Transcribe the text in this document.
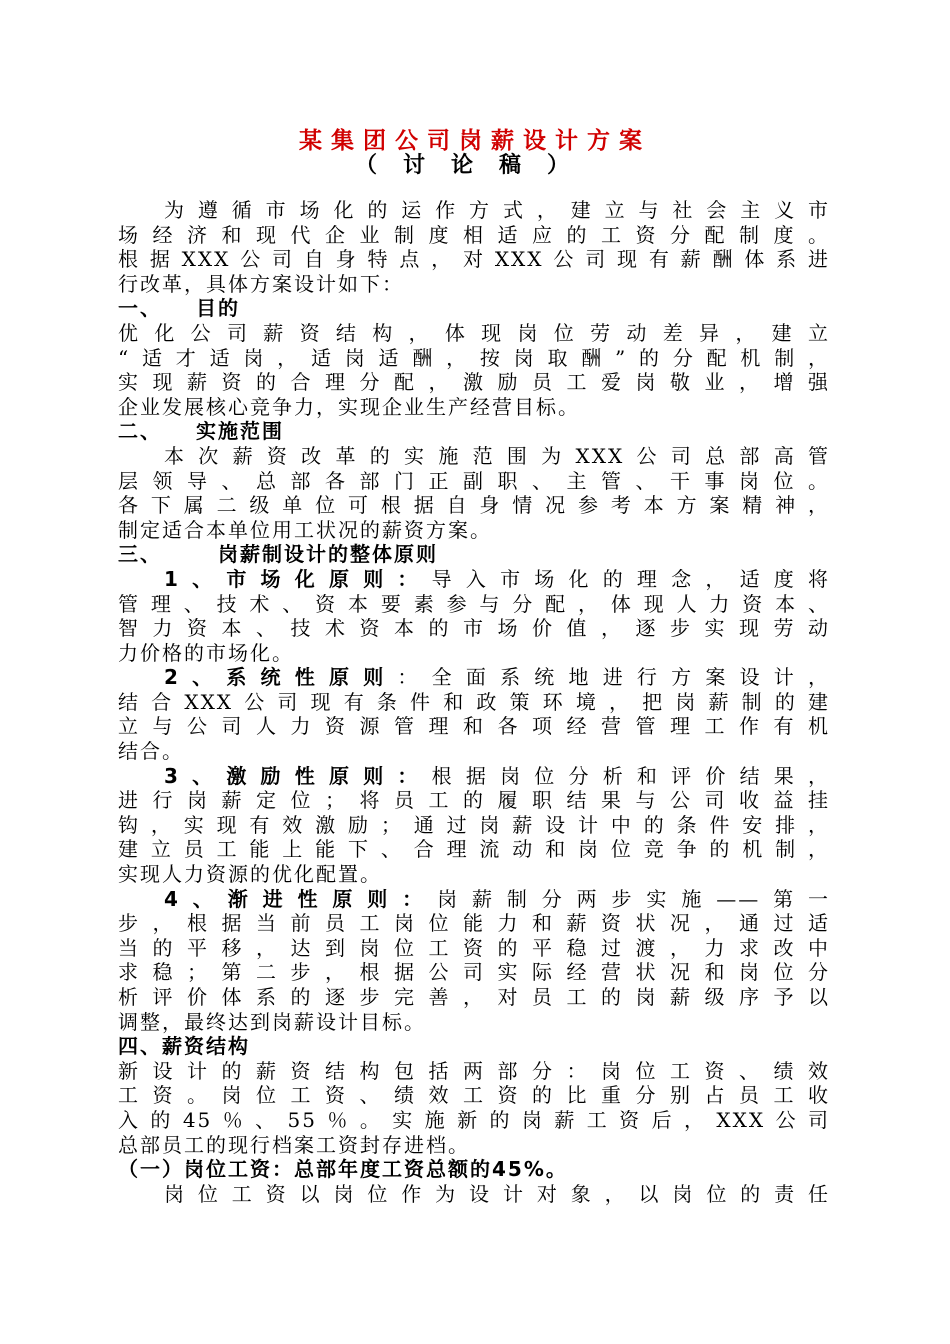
某集团公司岗薪设计方案
（讨论稿）
为遵循市场化的运作方式，建立与社会主义市
场经济和现代企业制度相适应的工资分配制度。
根据XXX公司自身特点，对XXX公司现有薪酬体系进
行改革，具体方案设计如下：
一、　　目的
优化公司薪资结构，体现岗位劳动差异，建立
“适才适岗，适岗适酬，按岗取酬”的分配机制，
实现薪资的合理分配，激励员工爱岗敬业，增强
企业发展核心竞争力，实现企业生产经营目标。
二、　　实施范围
本次薪资改革的实施范围为XXX公司总部高管
层领导、总部各部门正副职、主管、干事岗位。
各下属二级单位可根据自身情况参考本方案精神，
制定适合本单位用工状况的薪资方案。
三、　　　岗薪制设计的整体原则
1、市场化原则：导入市场化的理念，适度将
管理、技术、资本要素参与分配，体现人力资本、
智力资本、技术资本的市场价值，逐步实现劳动
力价格的市场化。
2、系统性原则：全面系统地进行方案设计，
结合XXX公司现有条件和政策环境，把岗薪制的建
立与公司人力资源管理和各项经营管理工作有机
结合。
3、激励性原则：根据岗位分析和评价结果，
进行岗薪定位；将员工的履职结果与公司收益挂
钩，实现有效激励；通过岗薪设计中的条件安排，
建立员工能上能下、合理流动和岗位竞争的机制，
实现人力资源的优化配置。
4、渐进性原则：岗薪制分两步实施——第一
步，根据当前员工岗位能力和薪资状况，通过适
当的平移，达到岗位工资的平稳过渡，力求改中
求稳；第二步，根据公司实际经营状况和岗位分
析评价体系的逐步完善，对员工的岗薪级序予以
调整，最终达到岗薪设计目标。
四、薪资结构
新设计的薪资结构包括两部分：岗位工资、绩效
工资。岗位工资、绩效工资的比重分别占员工收
入的45％、55％。实施新的岗薪工资后，XXX公司
总部员工的现行档案工资封存进档。
（一）岗位工资：总部年度工资总额的45%。
岗位工资以岗位作为设计对象，以岗位的责任
